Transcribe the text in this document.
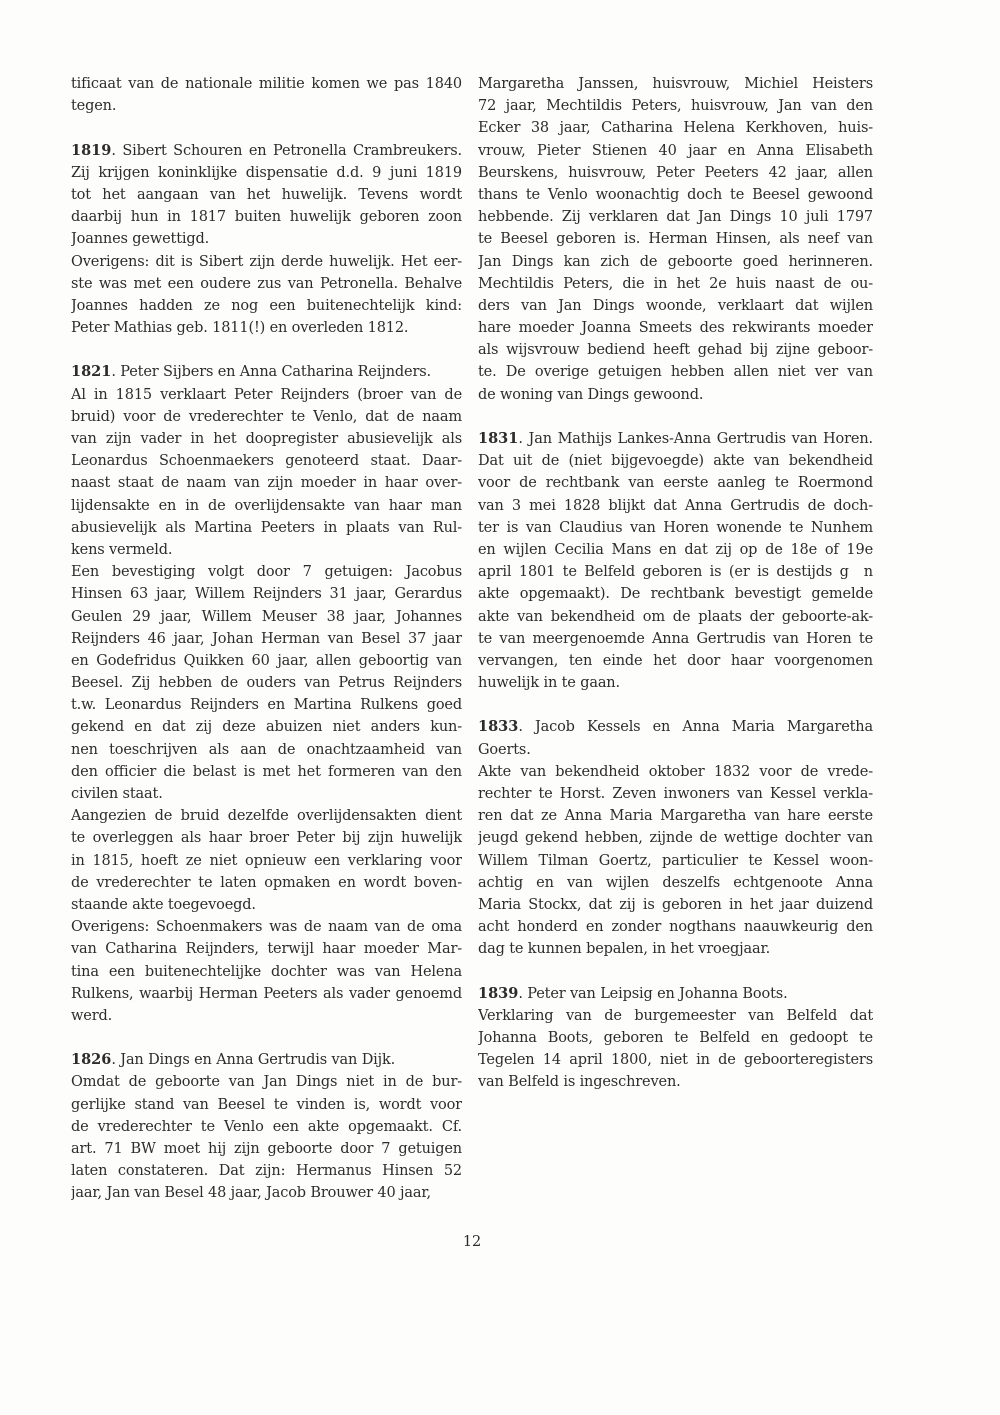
tificaat van de nationale militie komen we pas 1840
tegen.
1819. Sibert Schouren en Petronella Crambreukers.
Zij krijgen koninklijke dispensatie d.d. 9 juni 1819
tot het aangaan van het huwelijk. Tevens wordt
daarbij hun in 1817 buiten huwelijk geboren zoon
Joannes gewettigd.
Overigens: dit is Sibert zijn derde huwelijk. Het eer-
ste was met een oudere zus van Petronella. Behalve
Joannes hadden ze nog een buitenechtelijk kind:
Peter Mathias geb. 1811(!) en overleden 1812.
1821. Peter Sijbers en Anna Catharina Reijnders.
Al in 1815 verklaart Peter Reijnders (broer van de
bruid) voor de vrederechter te Venlo, dat de naam
van zijn vader in het doopregister abusievelijk als
Leonardus Schoenmaekers genoteerd staat. Daar-
naast staat de naam van zijn moeder in haar over-
lijdensakte en in de overlijdensakte van haar man
abusievelijk als Martina Peeters in plaats van Rul-
kens vermeld.
Een bevestiging volgt door 7 getuigen: Jacobus
Hinsen 63 jaar, Willem Reijnders 31 jaar, Gerardus
Geulen 29 jaar, Willem Meuser 38 jaar, Johannes
Reijnders 46 jaar, Johan Herman van Besel 37 jaar
en Godefridus Quikken 60 jaar, allen geboortig van
Beesel. Zij hebben de ouders van Petrus Reijnders
t.w. Leonardus Reijnders en Martina Rulkens goed
gekend en dat zij deze abuizen niet anders kun-
nen toeschrijven als aan de onachtzaamheid van
den officier die belast is met het formeren van den
civilen staat.
Aangezien de bruid dezelfde overlijdensakten dient
te overleggen als haar broer Peter bij zijn huwelijk
in 1815, hoeft ze niet opnieuw een verklaring voor
de vrederechter te laten opmaken en wordt boven-
staande akte toegevoegd.
Overigens: Schoenmakers was de naam van de oma
van Catharina Reijnders, terwijl haar moeder Mar-
tina een buitenechtelijke dochter was van Helena
Rulkens, waarbij Herman Peeters als vader genoemd
werd.
1826. Jan Dings en Anna Gertrudis van Dijk.
Omdat de geboorte van Jan Dings niet in de bur-
gerlijke stand van Beesel te vinden is, wordt voor
de vrederechter te Venlo een akte opgemaakt. Cf.
art. 71 BW moet hij zijn geboorte door 7 getuigen
laten constateren. Dat zijn: Hermanus Hinsen 52
jaar, Jan van Besel 48 jaar, Jacob Brouwer 40 jaar,
Margaretha Janssen, huisvrouw, Michiel Heisters
72 jaar, Mechtildis Peters, huisvrouw, Jan van den
Ecker 38 jaar, Catharina Helena Kerkhoven, huis-
vrouw, Pieter Stienen 40 jaar en Anna Elisabeth
Beurskens, huisvrouw, Peter Peeters 42 jaar, allen
thans te Venlo woonachtig doch te Beesel gewoond
hebbende. Zij verklaren dat Jan Dings 10 juli 1797
te Beesel geboren is. Herman Hinsen, als neef van
Jan Dings kan zich de geboorte goed herinneren.
Mechtildis Peters, die in het 2e huis naast de ou-
ders van Jan Dings woonde, verklaart dat wijlen
hare moeder Joanna Smeets des rekwirants moeder
als wijsvrouw bediend heeft gehad bij zijne geboor-
te. De overige getuigen hebben allen niet ver van
de woning van Dings gewoond.
1831. Jan Mathijs Lankes-Anna Gertrudis van Horen.
Dat uit de (niet bijgevoegde) akte van bekendheid
voor de rechtbank van eerste aanleg te Roermond
van 3 mei 1828 blijkt dat Anna Gertrudis de doch-
ter is van Claudius van Horen wonende te Nunhem
en wijlen Cecilia Mans en dat zij op de 18e of 19e
april 1801 te Belfeld geboren is (er is destijds g  n
akte opgemaakt). De rechtbank bevestigt gemelde
akte van bekendheid om de plaats der geboorte-ak-
te van meergenoemde Anna Gertrudis van Horen te
vervangen, ten einde het door haar voorgenomen
huwelijk in te gaan.
1833. Jacob Kessels en Anna Maria Margaretha
Goerts.
Akte van bekendheid oktober 1832 voor de vrede-
rechter te Horst. Zeven inwoners van Kessel verkla-
ren dat ze Anna Maria Margaretha van hare eerste
jeugd gekend hebben, zijnde de wettige dochter van
Willem Tilman Goertz, particulier te Kessel woon-
achtig en van wijlen deszelfs echtgenoote Anna
Maria Stockx, dat zij is geboren in het jaar duizend
acht honderd en zonder nogthans naauwkeurig den
dag te kunnen bepalen, in het vroegjaar.
1839. Peter van Leipsig en Johanna Boots.
Verklaring van de burgemeester van Belfeld dat
Johanna Boots, geboren te Belfeld en gedoopt te
Tegelen 14 april 1800, niet in de geboorteregisters
van Belfeld is ingeschreven.
12
